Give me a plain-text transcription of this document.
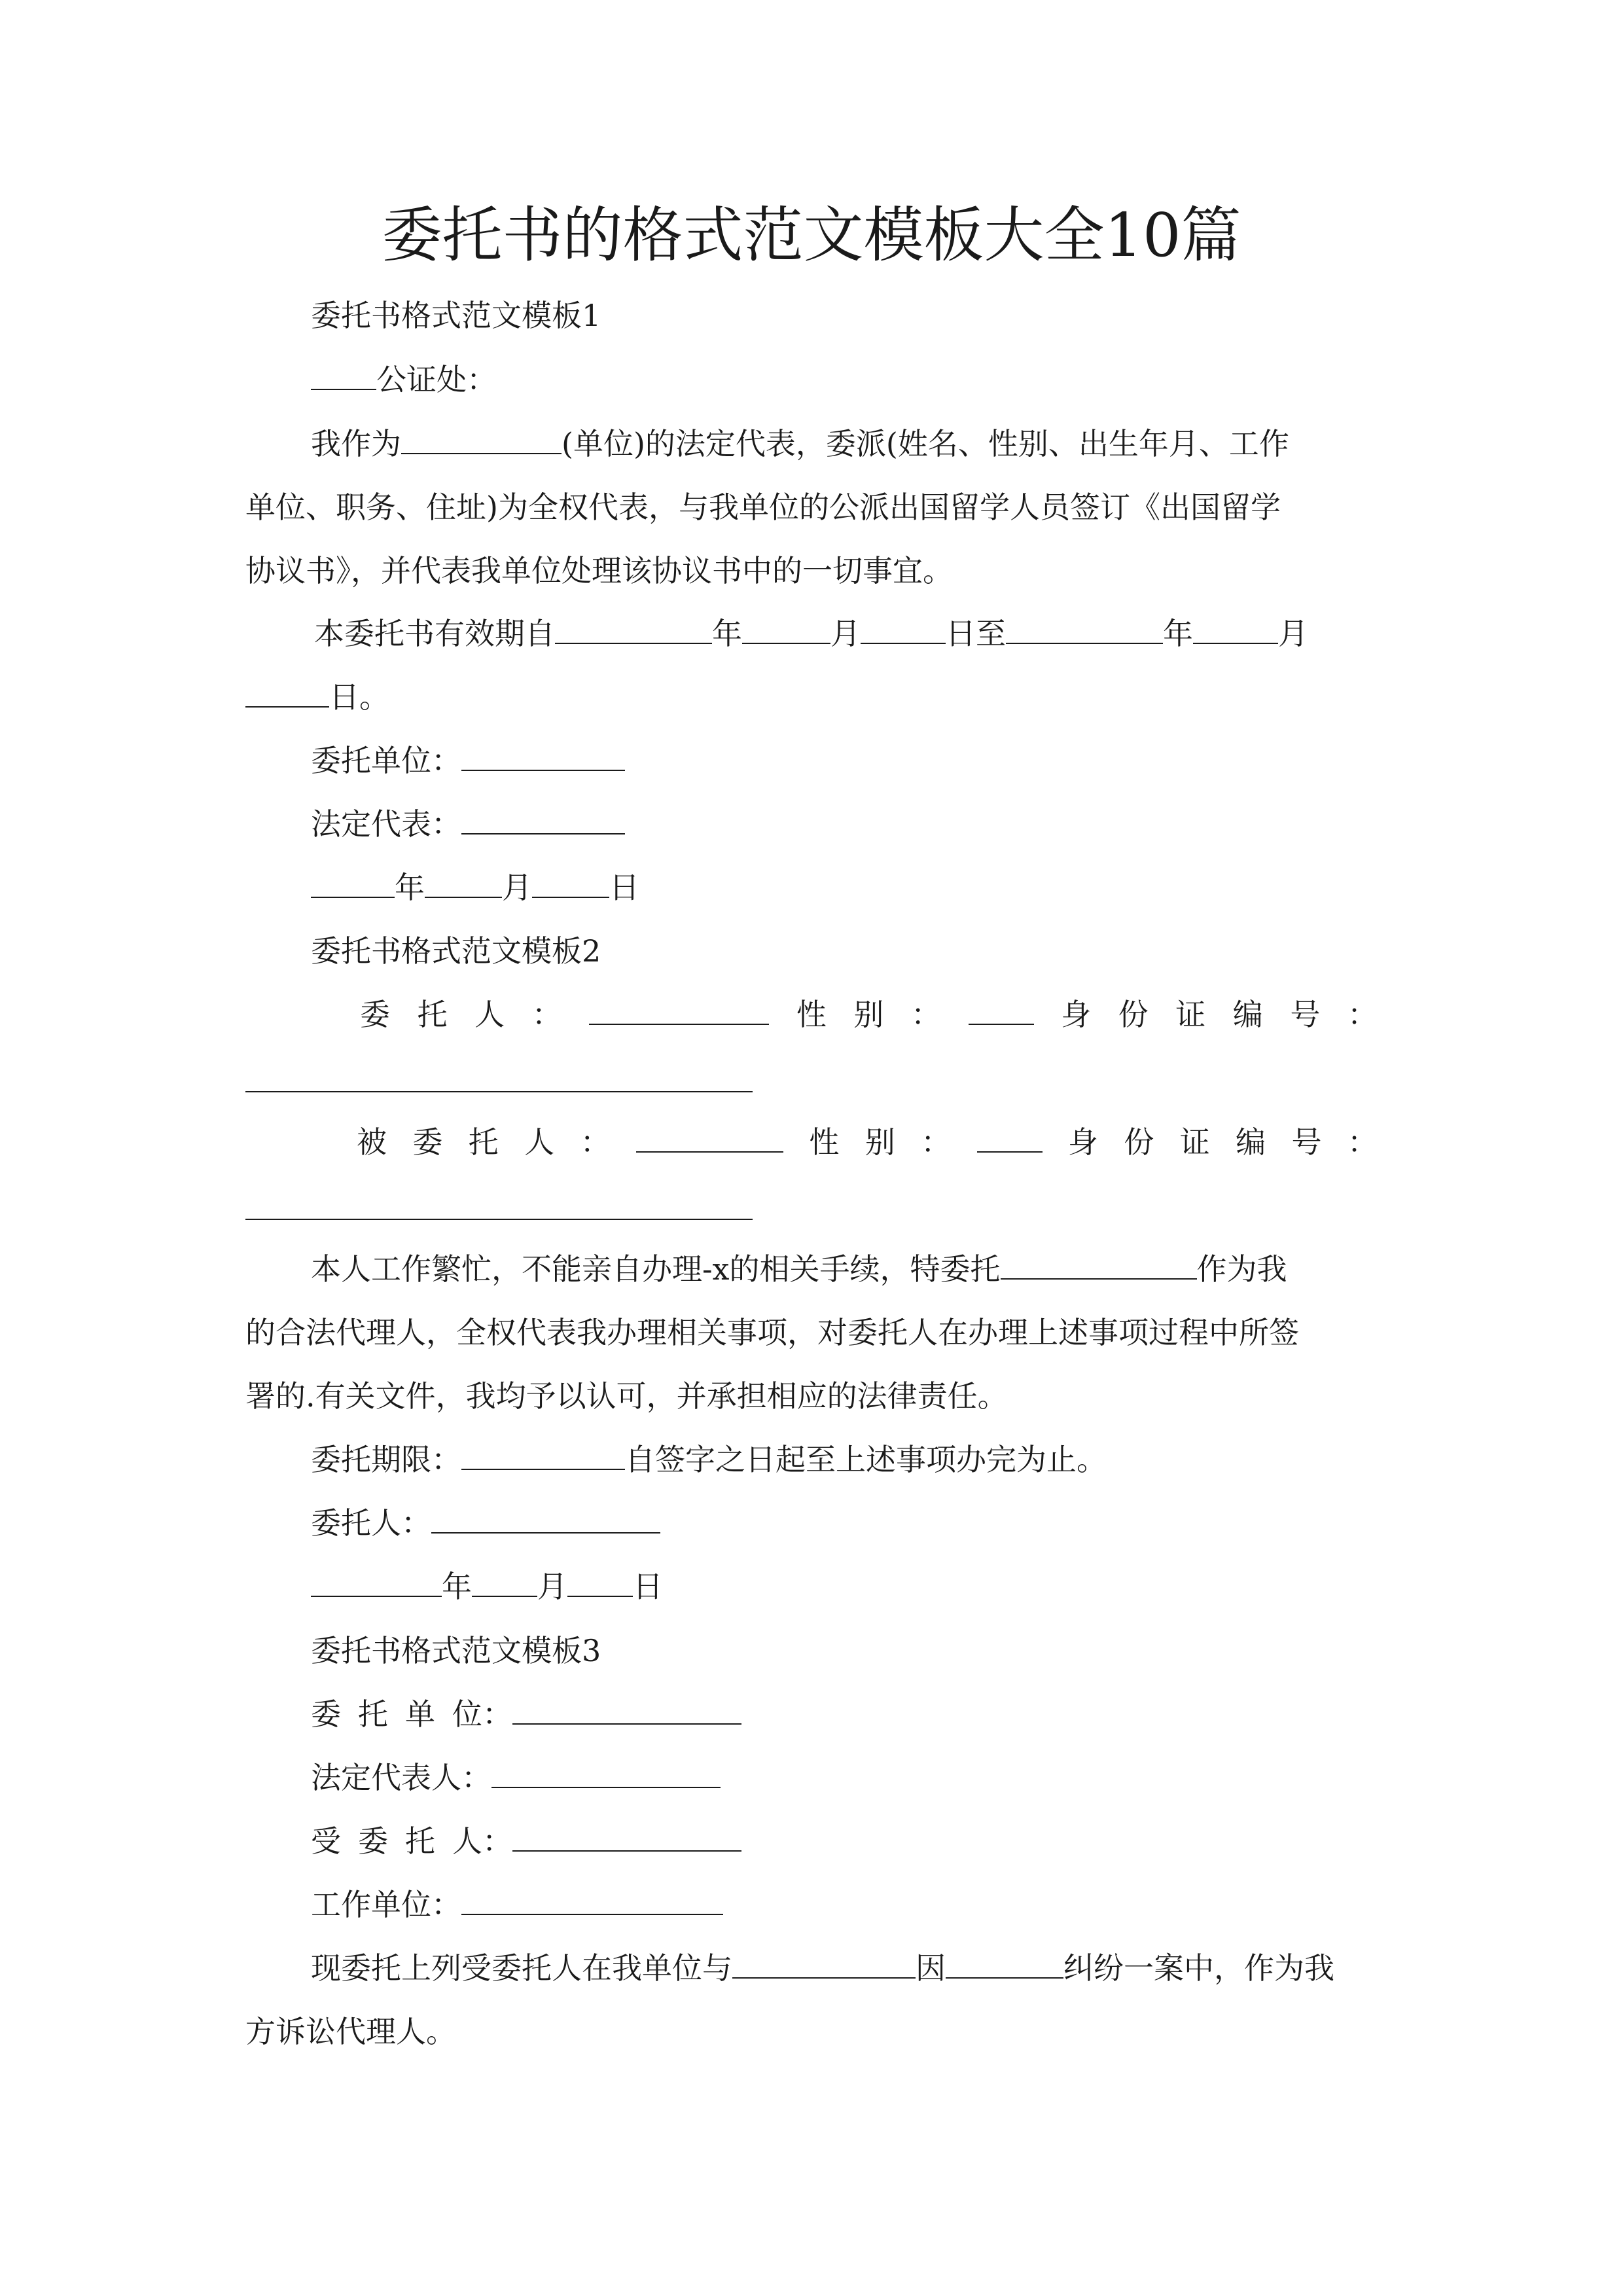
委托书的格式范文模板大全10篇
委托书格式范文模板1
公证处：
我作为	(单位)的法定代表，委派(姓名、性别、出生年月、工作
单位、职务、住址)为全权代表，与我单位的公派出国留学人员签订《出国留学
协议书》，并代表我单位处理该协议书中的一切事宜。
本委托书有效期自	年	月	日至	年	月
日。
委托单位：
法定代表：
年	月	日
委托书格式范文模板2
委 托 人 ：	性 别 ：	身 份 证 编 号 ：
被 委 托 人 ：	性 别 ：	身 份 证 编 号 ：
本人工作繁忙，不能亲自办理-x的相关手续，特委托	作为我
的合法代理人，全权代表我办理相关事项，对委托人在办理上述事项过程中所签
署的.有关文件，我均予以认可，并承担相应的法律责任。
委托期限：	自签字之日起至上述事项办完为止。
委托人：
年 月 日
委托书格式范文模板3
委 托 单 位：
法定代表人：
受 委 托 人：
工作单位：
现委托上列受委托人在我单位与	因	纠纷一案中，作为我
方诉讼代理人。
